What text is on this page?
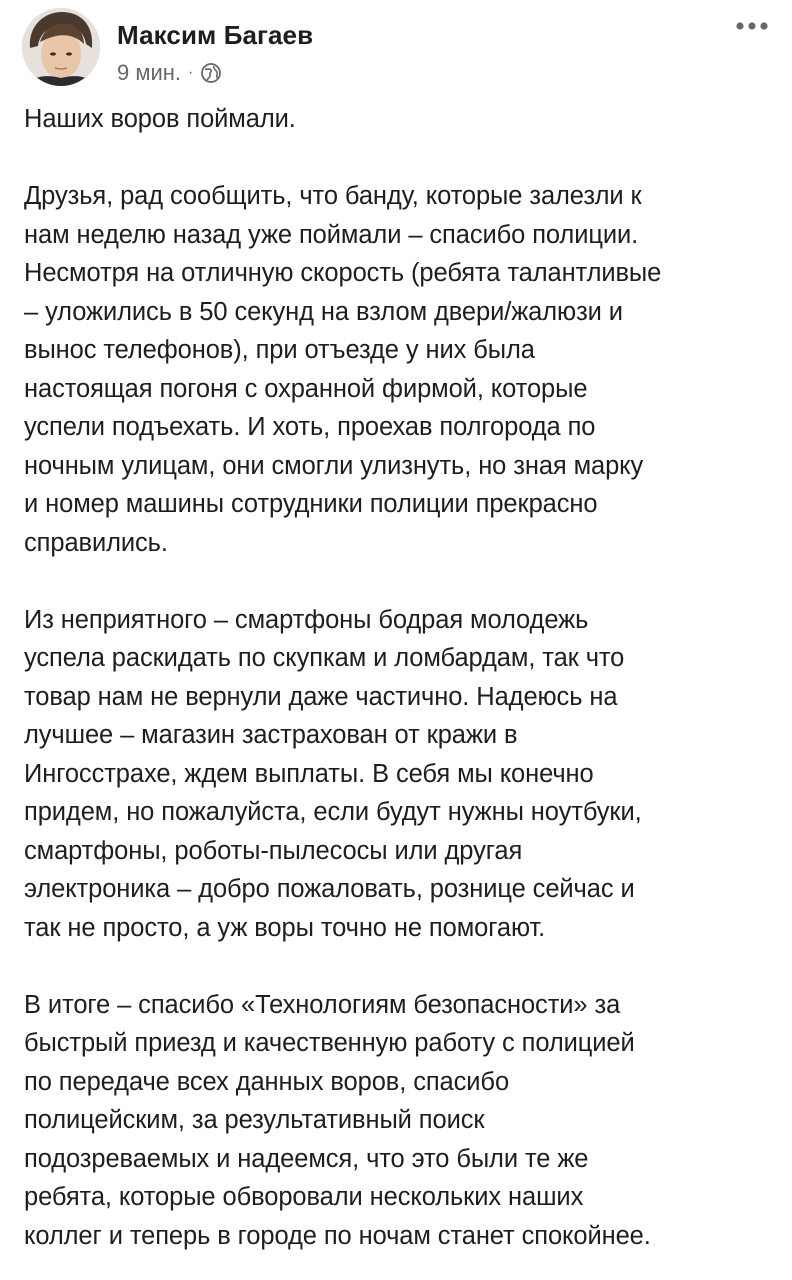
Максим Багаев
9 мин. ·

Наших воров поймали.

Друзья, рад сообщить, что банду, которые залезли к
нам неделю назад уже поймали – спасибо полиции.
Несмотря на отличную скорость (ребята талантливые
– уложились в 50 секунд на взлом двери/жалюзи и
вынос телефонов), при отъезде у них была
настоящая погоня с охранной фирмой, которые
успели подъехать. И хоть, проехав полгорода по
ночным улицам, они смогли улизнуть, но зная марку
и номер машины сотрудники полиции прекрасно
справились.

Из неприятного – смартфоны бодрая молодежь
успела раскидать по скупкам и ломбардам, так что
товар нам не вернули даже частично. Надеюсь на
лучшее – магазин застрахован от кражи в
Ингосстрахе, ждем выплаты. В себя мы конечно
придем, но пожалуйста, если будут нужны ноутбуки,
смартфоны, роботы-пылесосы или другая
электроника – добро пожаловать, рознице сейчас и
так не просто, а уж воры точно не помогают.

В итоге – спасибо «Технологиям безопасности» за
быстрый приезд и качественную работу с полицией
по передаче всех данных воров, спасибо
полицейским, за результативный поиск
подозреваемых и надеемся, что это были те же
ребята, которые обворовали нескольких наших
коллег и теперь в городе по ночам станет спокойнее.
